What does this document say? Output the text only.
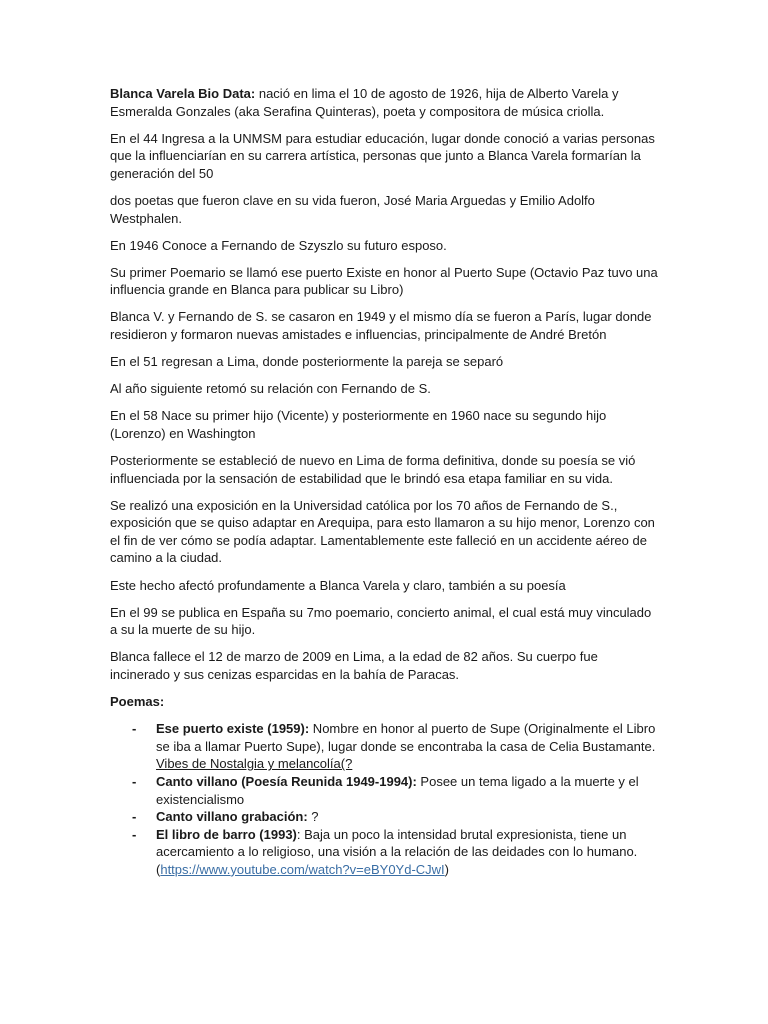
Blanca Varela Bio Data: nació en lima el 10 de agosto de 1926, hija de Alberto Varela y Esmeralda Gonzales (aka Serafina Quinteras), poeta y compositora de música criolla.

En el 44 Ingresa a la UNMSM para estudiar educación, lugar donde conoció a varias personas que la influenciarían en su carrera artística, personas que junto a Blanca Varela formarían la generación del 50

dos poetas que fueron clave en su vida fueron, José Maria Arguedas y Emilio Adolfo Westphalen.

En 1946 Conoce a Fernando de Szyszlo su futuro esposo.

Su primer Poemario se llamó ese puerto Existe en honor al Puerto Supe (Octavio Paz tuvo una influencia grande en Blanca para publicar su Libro)

Blanca V. y Fernando de S. se casaron en 1949 y el mismo día se fueron a París, lugar donde residieron y formaron nuevas amistades e influencias, principalmente de André Bretón

En el 51 regresan a Lima, donde posteriormente la pareja se separó

Al año siguiente retomó su relación con Fernando de S.

En el 58 Nace su primer hijo (Vicente) y posteriormente en 1960 nace su segundo hijo (Lorenzo) en Washington

Posteriormente se estableció de nuevo en Lima de forma definitiva, donde su poesía se vió influenciada por la sensación de estabilidad que le brindó esa etapa familiar en su vida.

Se realizó una exposición en la Universidad católica por los 70 años de Fernando de S., exposición que se quiso adaptar en Arequipa, para esto llamaron a su hijo menor, Lorenzo con el fin de ver cómo se podía adaptar. Lamentablemente este falleció en un accidente aéreo de camino a la ciudad.

Este hecho afectó profundamente a Blanca Varela y claro, también a su poesía

En el 99 se publica en España su 7mo poemario, concierto animal, el cual está muy vinculado a su la muerte de su hijo.

Blanca fallece el 12 de marzo de 2009 en Lima, a la edad de 82 años. Su cuerpo fue incinerado y sus cenizas esparcidas en la bahía de Paracas.

Poemas:

- Ese puerto existe (1959): Nombre en honor al puerto de Supe (Originalmente el Libro se iba a llamar Puerto Supe), lugar donde se encontraba la casa de Celia Bustamante. Vibes de Nostalgia y melancolía(?
- Canto villano (Poesía Reunida 1949-1994): Posee un tema ligado a la muerte y el existencialismo
- Canto villano grabación: ?
- El libro de barro (1993): Baja un poco la intensidad brutal expresionista, tiene un acercamiento a lo religioso, una visión a la relación de las deidades con lo humano. (https://www.youtube.com/watch?v=eBY0Yd-CJwI)
